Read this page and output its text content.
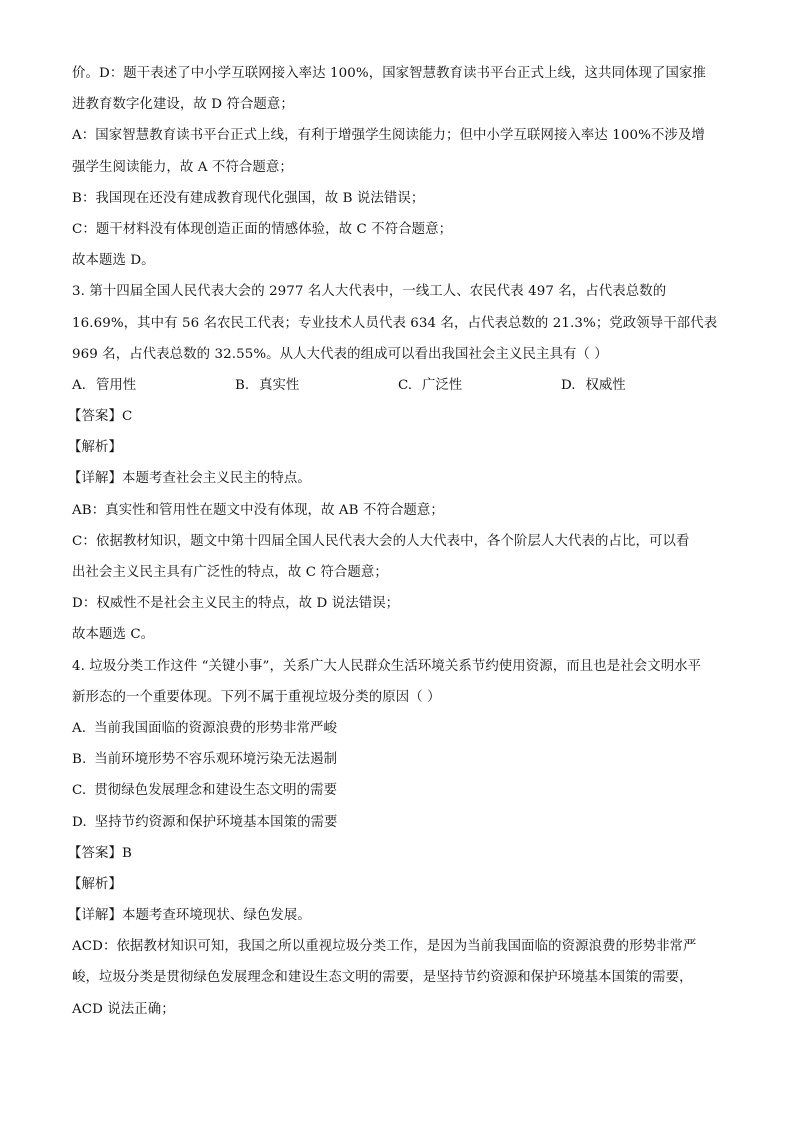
价。D：题干表述了中小学互联网接入率达 100%，国家智慧教育读书平台正式上线，这共同体现了国家推
进教育数字化建设，故 D 符合题意；
A：国家智慧教育读书平台正式上线，有利于增强学生阅读能力；但中小学互联网接入率达 100%不涉及增
强学生阅读能力，故 A 不符合题意；
B：我国现在还没有建成教育现代化强国，故 B 说法错误；
C：题干材料没有体现创造正面的情感体验，故 C 不符合题意；
故本题选 D。
3. 第十四届全国人民代表大会的 2977 名人大代表中，一线工人、农民代表 497 名，占代表总数的
16.69%，其中有 56 名农民工代表；专业技术人员代表 634 名，占代表总数的 21.3%；党政领导干部代表
969 名，占代表总数的 32.55%。从人大代表的组成可以看出我国社会主义民主具有（ ）
A. 管用性	B. 真实性	C. 广泛性	D. 权威性
【答案】C
【解析】
【详解】本题考查社会主义民主的特点。
AB：真实性和管用性在题文中没有体现，故 AB 不符合题意；
C：依据教材知识，题文中第十四届全国人民代表大会的人大代表中，各个阶层人大代表的占比，可以看
出社会主义民主具有广泛性的特点，故 C 符合题意；
D：权威性不是社会主义民主的特点，故 D 说法错误；
故本题选 C。
4. 垃圾分类工作这件 “关键小事”，关系广大人民群众生活环境关系节约使用资源，而且也是社会文明水平
新形态的一个重要体现。下列不属于重视垃圾分类的原因（ ）
A. 当前我国面临的资源浪费的形势非常严峻
B. 当前环境形势不容乐观环境污染无法遏制
C. 贯彻绿色发展理念和建设生态文明的需要
D. 坚持节约资源和保护环境基本国策的需要
【答案】B
【解析】
【详解】本题考查环境现状、绿色发展。
ACD：依据教材知识可知，我国之所以重视垃圾分类工作，是因为当前我国面临的资源浪费的形势非常严
峻，垃圾分类是贯彻绿色发展理念和建设生态文明的需要，是坚持节约资源和保护环境基本国策的需要，
ACD 说法正确；
